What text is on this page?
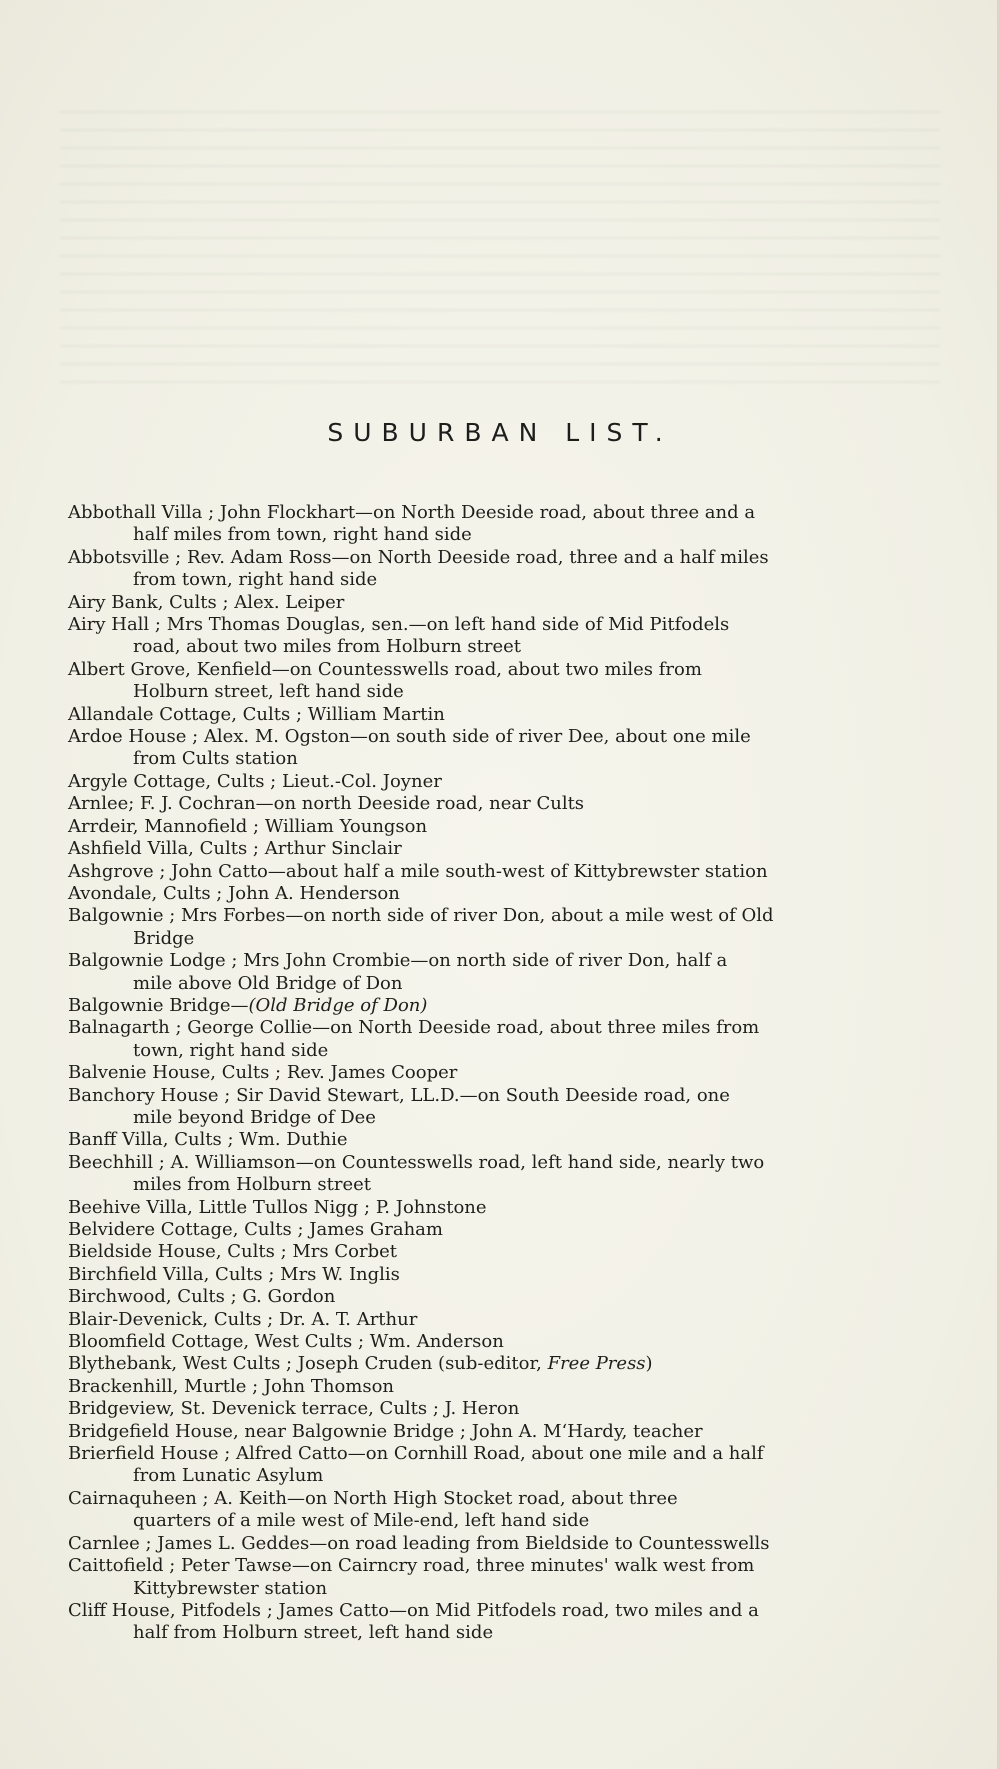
SUBURBAN LIST.
Abbothall Villa ; John Flockhart—on North Deeside road, about three and a
half miles from town, right hand side
Abbotsville ; Rev. Adam Ross—on North Deeside road, three and a half miles
from town, right hand side
Airy Bank, Cults ; Alex. Leiper
Airy Hall ; Mrs Thomas Douglas, sen.—on left hand side of Mid Pitfodels
road, about two miles from Holburn street
Albert Grove, Kenfield—on Countesswells road, about two miles from
Holburn street, left hand side
Allandale Cottage, Cults ; William Martin
Ardoe House ; Alex. M. Ogston—on south side of river Dee, about one mile
from Cults station
Argyle Cottage, Cults ; Lieut.-Col. Joyner
Arnlee; F. J. Cochran—on north Deeside road, near Cults
Arrdeir, Mannofield ; William Youngson
Ashfield Villa, Cults ; Arthur Sinclair
Ashgrove ; John Catto—about half a mile south-west of Kittybrewster station
Avondale, Cults ; John A. Henderson
Balgownie ; Mrs Forbes—on north side of river Don, about a mile west of Old
Bridge
Balgownie Lodge ; Mrs John Crombie—on north side of river Don, half a
mile above Old Bridge of Don
Balgownie Bridge—(Old Bridge of Don)
Balnagarth ; George Collie—on North Deeside road, about three miles from
town, right hand side
Balvenie House, Cults ; Rev. James Cooper
Banchory House ; Sir David Stewart, LL.D.—on South Deeside road, one
mile beyond Bridge of Dee
Banff Villa, Cults ; Wm. Duthie
Beechhill ; A. Williamson—on Countesswells road, left hand side, nearly two
miles from Holburn street
Beehive Villa, Little Tullos Nigg ; P. Johnstone
Belvidere Cottage, Cults ; James Graham
Bieldside House, Cults ; Mrs Corbet
Birchfield Villa, Cults ; Mrs W. Inglis
Birchwood, Cults ; G. Gordon
Blair-Devenick, Cults ; Dr. A. T. Arthur
Bloomfield Cottage, West Cults ; Wm. Anderson
Blythebank, West Cults ; Joseph Cruden (sub-editor, Free Press)
Brackenhill, Murtle ; John Thomson
Bridgeview, St. Devenick terrace, Cults ; J. Heron
Bridgefield House, near Balgownie Bridge ; John A. M‘Hardy, teacher
Brierfield House ; Alfred Catto—on Cornhill Road, about one mile and a half
from Lunatic Asylum
Cairnaquheen ; A. Keith—on North High Stocket road, about three
quarters of a mile west of Mile-end, left hand side
Carnlee ; James L. Geddes—on road leading from Bieldside to Countesswells
Caittofield ; Peter Tawse—on Cairncry road, three minutes' walk west from
Kittybrewster station
Cliff House, Pitfodels ; James Catto—on Mid Pitfodels road, two miles and a
half from Holburn street, left hand side
